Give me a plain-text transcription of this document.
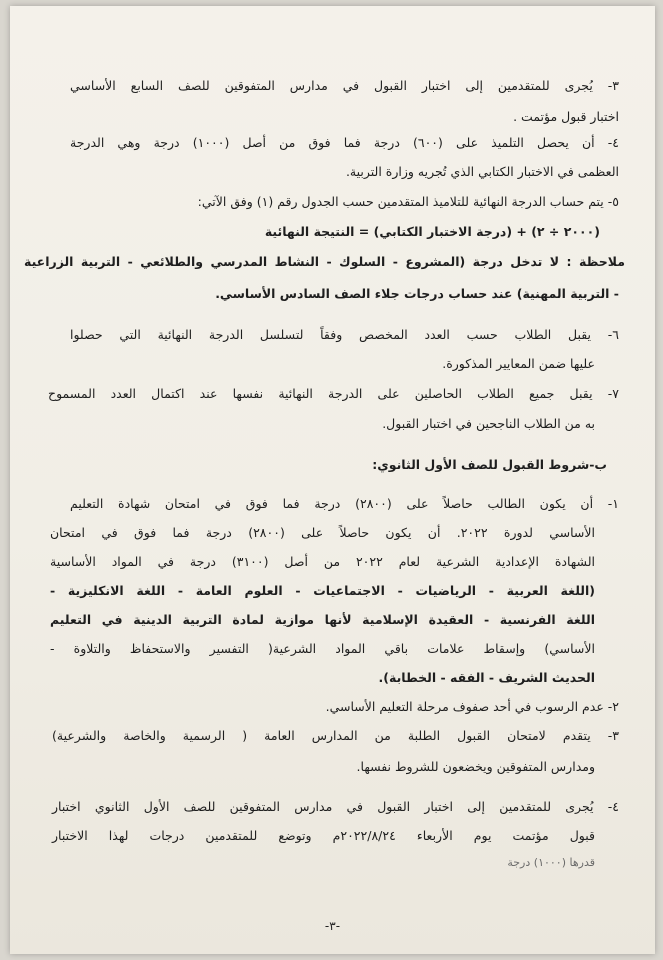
٣- يُجرى للمتقدمين إلى اختبار القبول في مدارس المتفوقين للصف السابع الأساسي
اختبار قبول مؤتمت .
٤- أن يحصل التلميذ على (٦٠٠) درجة فما فوق من أصل (١٠٠٠) درجة وهي الدرجة
العظمى في الاختبار الكتابي الذي تُجريه وزارة التربية.
٥- يتم حساب الدرجة النهائية للتلاميذ المتقدمين حسب الجدول رقم (١) وفق الآتي:
(٢٠٠٠ ÷ ٢) + (درجة الاختبار الكتابي) = النتيجة النهائية
ملاحظة : لا تدخل درجة (المشروع - السلوك - النشاط المدرسي والطلائعي - التربية الزراعية
- التربية المهنية) عند حساب درجات جلاء الصف السادس الأساسي.
٦- يقبل الطلاب حسب العدد المخصص وفقاً لتسلسل الدرجة النهائية التي حصلوا
عليها ضمن المعايير المذكورة.
٧- يقبل جميع الطلاب الحاصلين على الدرجة النهائية نفسها عند اكتمال العدد المسموح
به من الطلاب الناجحين في اختبار القبول.
ب-شروط القبول للصف الأول الثانوي:
١- أن يكون الطالب حاصلاً على (٢٨٠٠) درجة فما فوق في امتحان شهادة التعليم
الأساسي لدورة ٢٠٢٢. أن يكون حاصلاً على (٢٨٠٠) درجة فما فوق في امتحان
الشهادة الإعدادية الشرعية لعام ٢٠٢٢ من أصل (٣١٠٠) درجة في المواد الأساسية
(اللغة العربية - الرياضيات - الاجتماعيات - العلوم العامة - اللغة الانكليزية -
اللغة الفرنسية - العقيدة الإسلامية لأنها موازية لمادة التربية الدينية في التعليم
الأساسي) وإسقاط علامات باقي المواد الشرعية( التفسير والاستحفاظ والتلاوة -
الحديث الشريف - الفقه - الخطابة).
٢- عدم الرسوب في أحد صفوف مرحلة التعليم الأساسي.
٣- يتقدم لامتحان القبول الطلبة من المدارس العامة ( الرسمية والخاصة والشرعية)
ومدارس المتفوقين ويخضعون للشروط نفسها.
٤- يُجرى للمتقدمين إلى اختبار القبول في مدارس المتفوقين للصف الأول الثانوي اختبار
قبول مؤتمت يوم الأربعاء ٢٠٢٢/٨/٢٤م وتوضع للمتقدمين درجات لهذا الاختبار
قدرها (١٠٠٠) درجة
-٣-
